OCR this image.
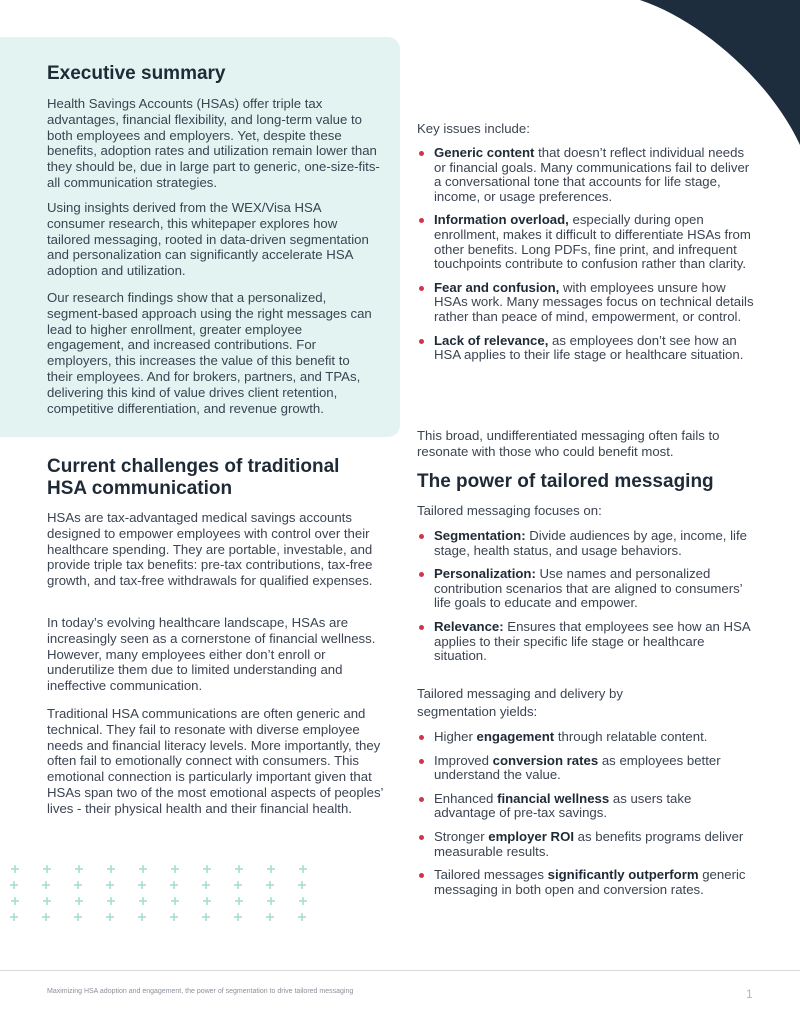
Executive summary

Health Savings Accounts (HSAs) offer triple tax advantages, financial flexibility, and long-term value to both employees and employers. Yet, despite these benefits, adoption rates and utilization remain lower than they should be, due in large part to generic, one-size-fits-all communication strategies.

Using insights derived from the WEX/Visa HSA consumer research, this whitepaper explores how tailored messaging, rooted in data-driven segmentation and personalization can significantly accelerate HSA adoption and utilization.

Our research findings show that a personalized, segment-based approach using the right messages can lead to higher enrollment, greater employee engagement, and increased contributions. For employers, this increases the value of this benefit to their employees. And for brokers, partners, and TPAs, delivering this kind of value drives client retention, competitive differentiation, and revenue growth.

Current challenges of traditional HSA communication

HSAs are tax-advantaged medical savings accounts designed to empower employees with control over their healthcare spending. They are portable, investable, and provide triple tax benefits: pre-tax contributions, tax-free growth, and tax-free withdrawals for qualified expenses.

In today’s evolving healthcare landscape, HSAs are increasingly seen as a cornerstone of financial wellness. However, many employees either don’t enroll or underutilize them due to limited understanding and ineffective communication.

Traditional HSA communications are often generic and technical. They fail to resonate with diverse employee needs and financial literacy levels. More importantly, they often fail to emotionally connect with consumers. This emotional connection is particularly important given that HSAs span two of the most emotional aspects of peoples’ lives - their physical health and their financial health.

Key issues include:

Generic content that doesn’t reflect individual needs or financial goals. Many communications fail to deliver a conversational tone that accounts for life stage, income, or usage preferences.
Information overload, especially during open enrollment, makes it difficult to differentiate HSAs from other benefits. Long PDFs, fine print, and infrequent touchpoints contribute to confusion rather than clarity.
Fear and confusion, with employees unsure how HSAs work. Many messages focus on technical details rather than peace of mind, empowerment, or control.
Lack of relevance, as employees don’t see how an HSA applies to their life stage or healthcare situation.

This broad, undifferentiated messaging often fails to resonate with those who could benefit most.

The power of tailored messaging

Tailored messaging focuses on:

Segmentation: Divide audiences by age, income, life stage, health status, and usage behaviors.
Personalization: Use names and personalized contribution scenarios that are aligned to consumers’ life goals to educate and empower.
Relevance: Ensures that employees see how an HSA applies to their specific life stage or healthcare situation.

Tailored messaging and delivery by segmentation yields:

Higher engagement through relatable content.
Improved conversion rates as employees better understand the value.
Enhanced financial wellness as users take advantage of pre-tax savings.
Stronger employer ROI as benefits programs deliver measurable results.
Tailored messages significantly outperform generic messaging in both open and conversion rates.
Maximizing HSA adoption and engagement, the power of segmentation to drive tailored messaging	1
